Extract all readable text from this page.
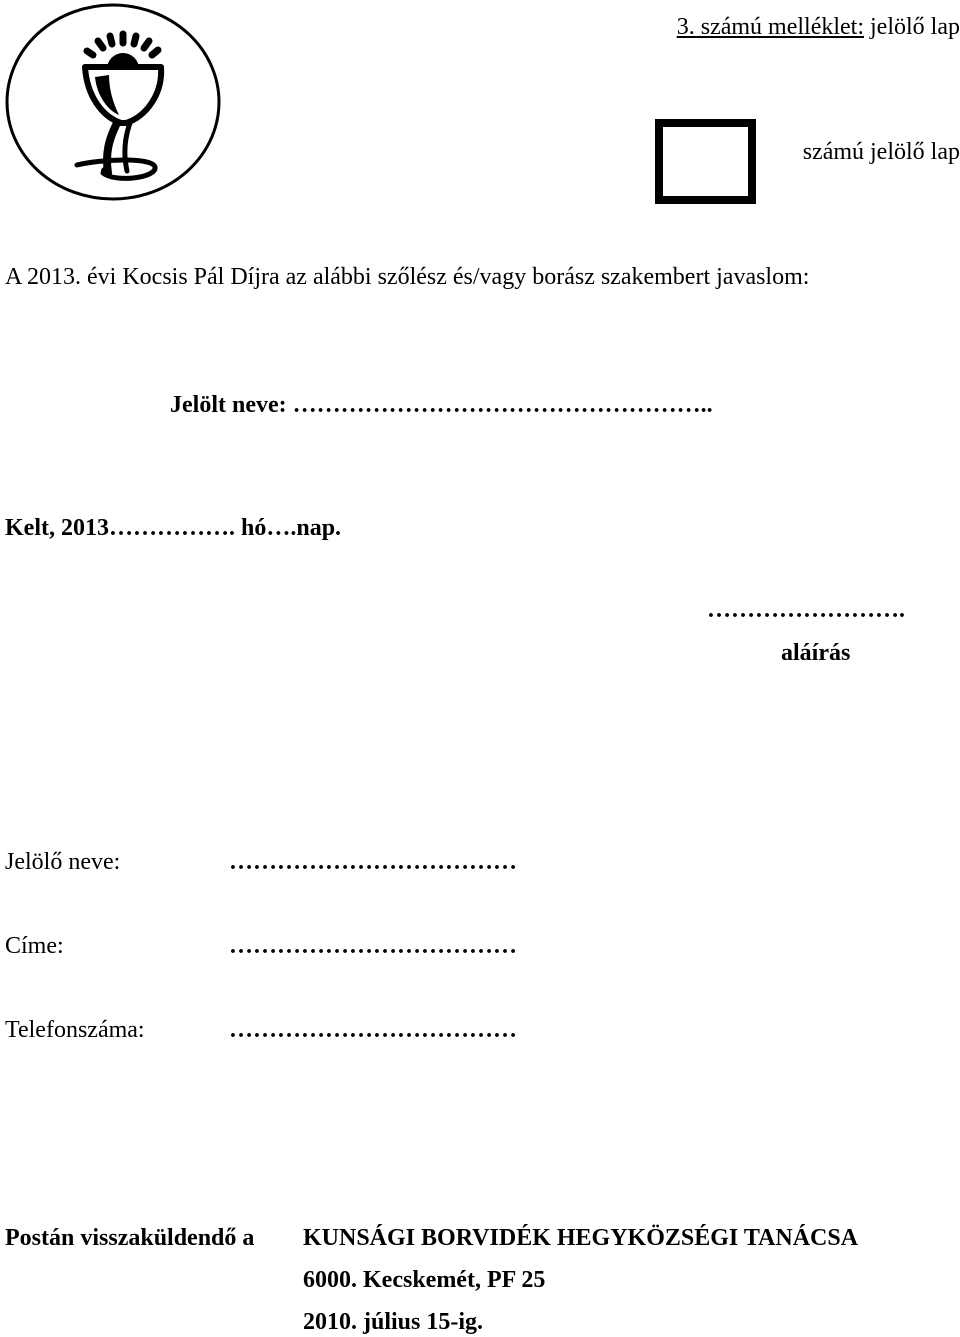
3. számú melléklet: jelölő lap
számú jelölő lap
A 2013. évi Kocsis Pál Díjra az alábbi szőlész és/vagy borász szakembert javaslom:
Jelölt neve: ……………………………………………..
Kelt, 2013……………. hó….nap.
…………………….
aláírás
Jelölő neve:	………………………………
Címe:	………………………………
Telefonszáma:	………………………………
Postán visszaküldendő a KUNSÁGI BORVIDÉK HEGYKÖZSÉGI TANÁCSA
6000. Kecskemét, PF 25
2010. július 15-ig.
